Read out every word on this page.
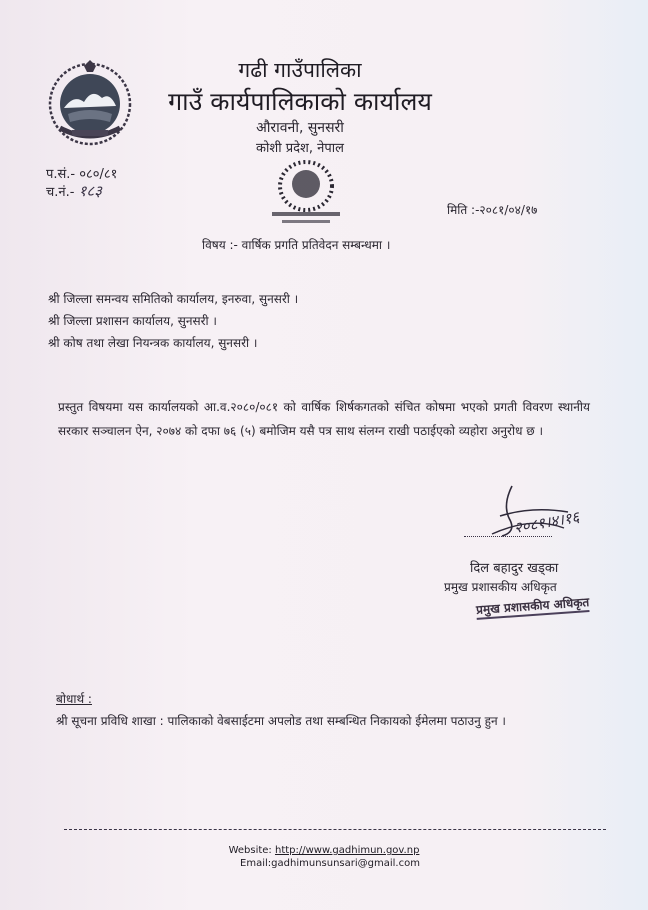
गढी गाउँपालिका
गाउँ कार्यपालिकाको कार्यालय
औरावनी, सुनसरी
कोशी प्रदेश, नेपाल
प.सं.- ०८०/८१
च.नं.- १८३
मिति :-२०८१/०४/१७
विषय :- वार्षिक प्रगति प्रतिवेदन सम्बन्धमा ।
श्री जिल्ला समन्वय समितिको कार्यालय, इनरुवा, सुनसरी ।
श्री जिल्ला प्रशासन कार्यालय, सुनसरी ।
श्री कोष तथा लेखा नियन्त्रक कार्यालय, सुनसरी ।
प्रस्तुत विषयमा यस कार्यालयको आ.व.२०८०/०८१ को वार्षिक शिर्षकगतको संचित कोषमा भएको प्रगती विवरण स्थानीय सरकार सञ्चालन ऐन, २०७४ को दफा ७६ (५) बमोजिम यसै पत्र साथ संलग्न राखी पठाईएको व्यहोरा अनुरोध छ ।
२०८१।४।१६
दिल बहादुर खड्का
प्रमुख प्रशासकीय अधिकृत
प्रमुख प्रशासकीय अधिकृत
बोधार्थ :
श्री सूचना प्रविधि शाखा : पालिकाको वेबसाईटमा अपलोड तथा सम्बन्धित निकायको ईमेलमा पठाउनु हुन ।
Website: http://www.gadhimun.gov.np
Email:gadhimunsunsari@gmail.com
